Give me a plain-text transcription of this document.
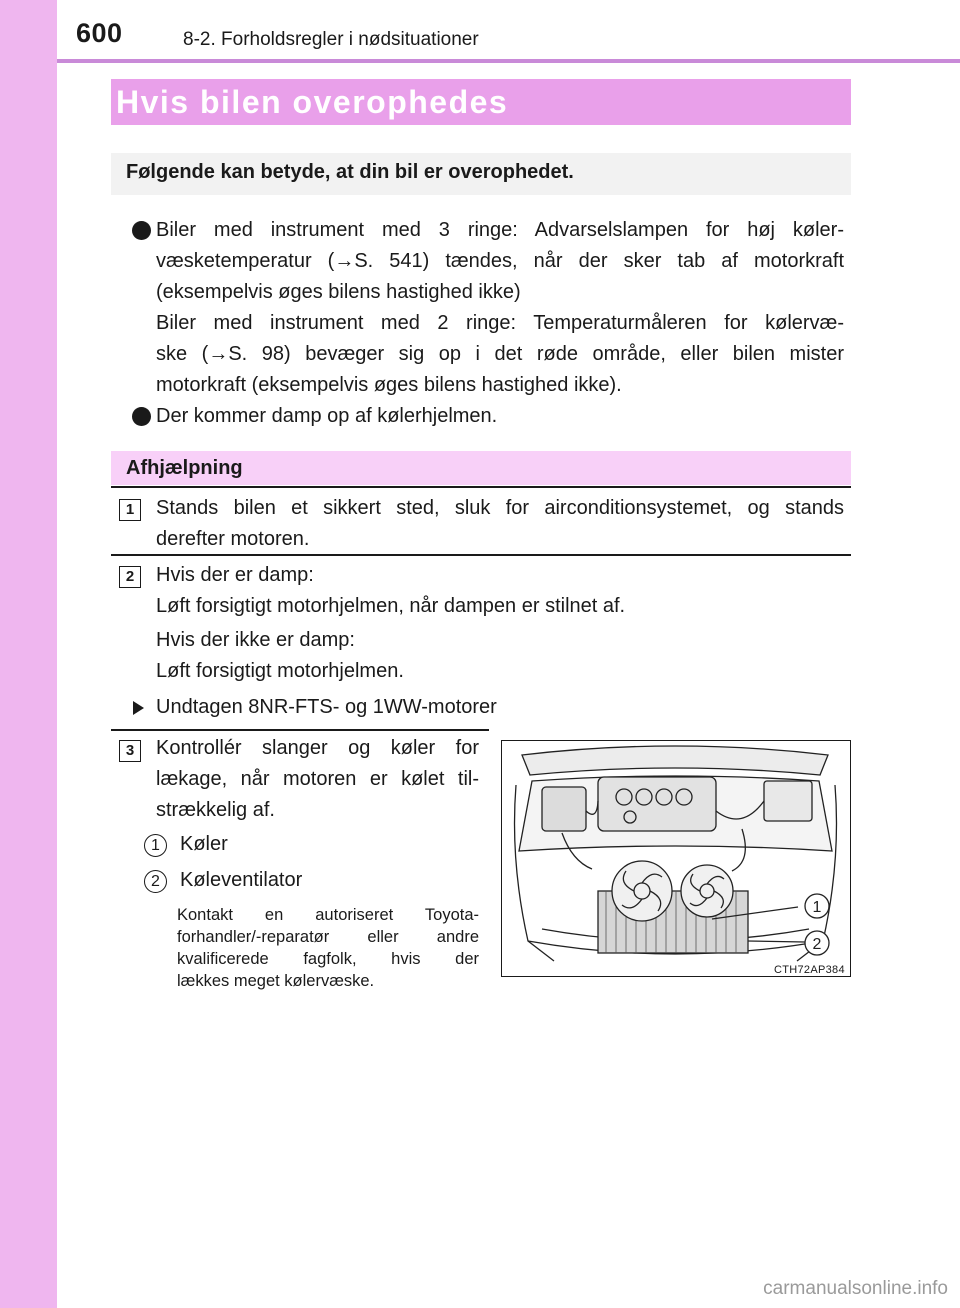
600	8-2. Forholdsregler i nødsituationer
Hvis bilen overophedes
Følgende kan betyde, at din bil er overophedet.
Biler med instrument med 3 ringe: Advarselslampen for høj køler-
væsketemperatur (→S. 541) tændes, når der sker tab af motorkraft
(eksempelvis øges bilens hastighed ikke)
Biler med instrument med 2 ringe: Temperaturmåleren for kølervæ-
ske (→S. 98) bevæger sig op i det røde område, eller bilen mister
motorkraft (eksempelvis øges bilens hastighed ikke).
Der kommer damp op af kølerhjelmen.
Afhjælpning
1	Stands bilen et sikkert sted, sluk for airconditionsystemet, og stands
derefter motoren.
2	Hvis der er damp:
Løft forsigtigt motorhjelmen, når dampen er stilnet af.
Hvis der ikke er damp:
Løft forsigtigt motorhjelmen.
Undtagen 8NR-FTS- og 1WW-motorer
3	Kontrollér slanger og køler for
lækage, når motoren er kølet til-
strækkelig af.
1	Køler
2	Køleventilator
Kontakt en autoriseret Toyota-
forhandler/-reparatør eller andre
kvalificerede fagfolk, hvis der
lækkes meget kølervæske.
1
2
CTH72AP384
carmanualsonline.info
